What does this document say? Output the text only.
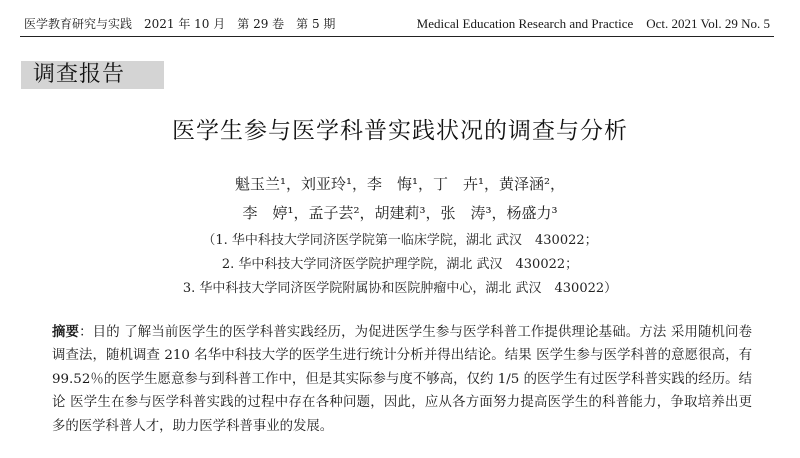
医学教育研究与实践　2021 年 10 月　第 29 卷　第 5 期	Medical Education Research and Practice　Oct. 2021 Vol. 29 No. 5
调查报告
医学生参与医学科普实践状况的调查与分析
魁玉兰¹，刘亚玲¹，李　悔¹，丁　卉¹，黄泽涵²，
李　婷¹，孟子芸²，胡建莉³，张　涛³，杨盛力³
（1. 华中科技大学同济医学院第一临床学院，湖北 武汉　430022；
2. 华中科技大学同济医学院护理学院，湖北 武汉　430022；
3. 华中科技大学同济医学院附属协和医院肿瘤中心，湖北 武汉　430022）
摘要：目的 了解当前医学生的医学科普实践经历，为促进医学生参与医学科普工作提供理论基础。方法 采用随机问卷调查法，随机调查 210 名华中科技大学的医学生进行统计分析并得出结论。结果 医学生参与医学科普的意愿很高，有 99.52％的医学生愿意参与到科普工作中，但是其实际参与度不够高，仅约 1/5 的医学生有过医学科普实践的经历。结论 医学生在参与医学科普实践的过程中存在各种问题，因此，应从各方面努力提高医学生的科普能力，争取培养出更多的医学科普人才，助力医学科普事业的发展。
